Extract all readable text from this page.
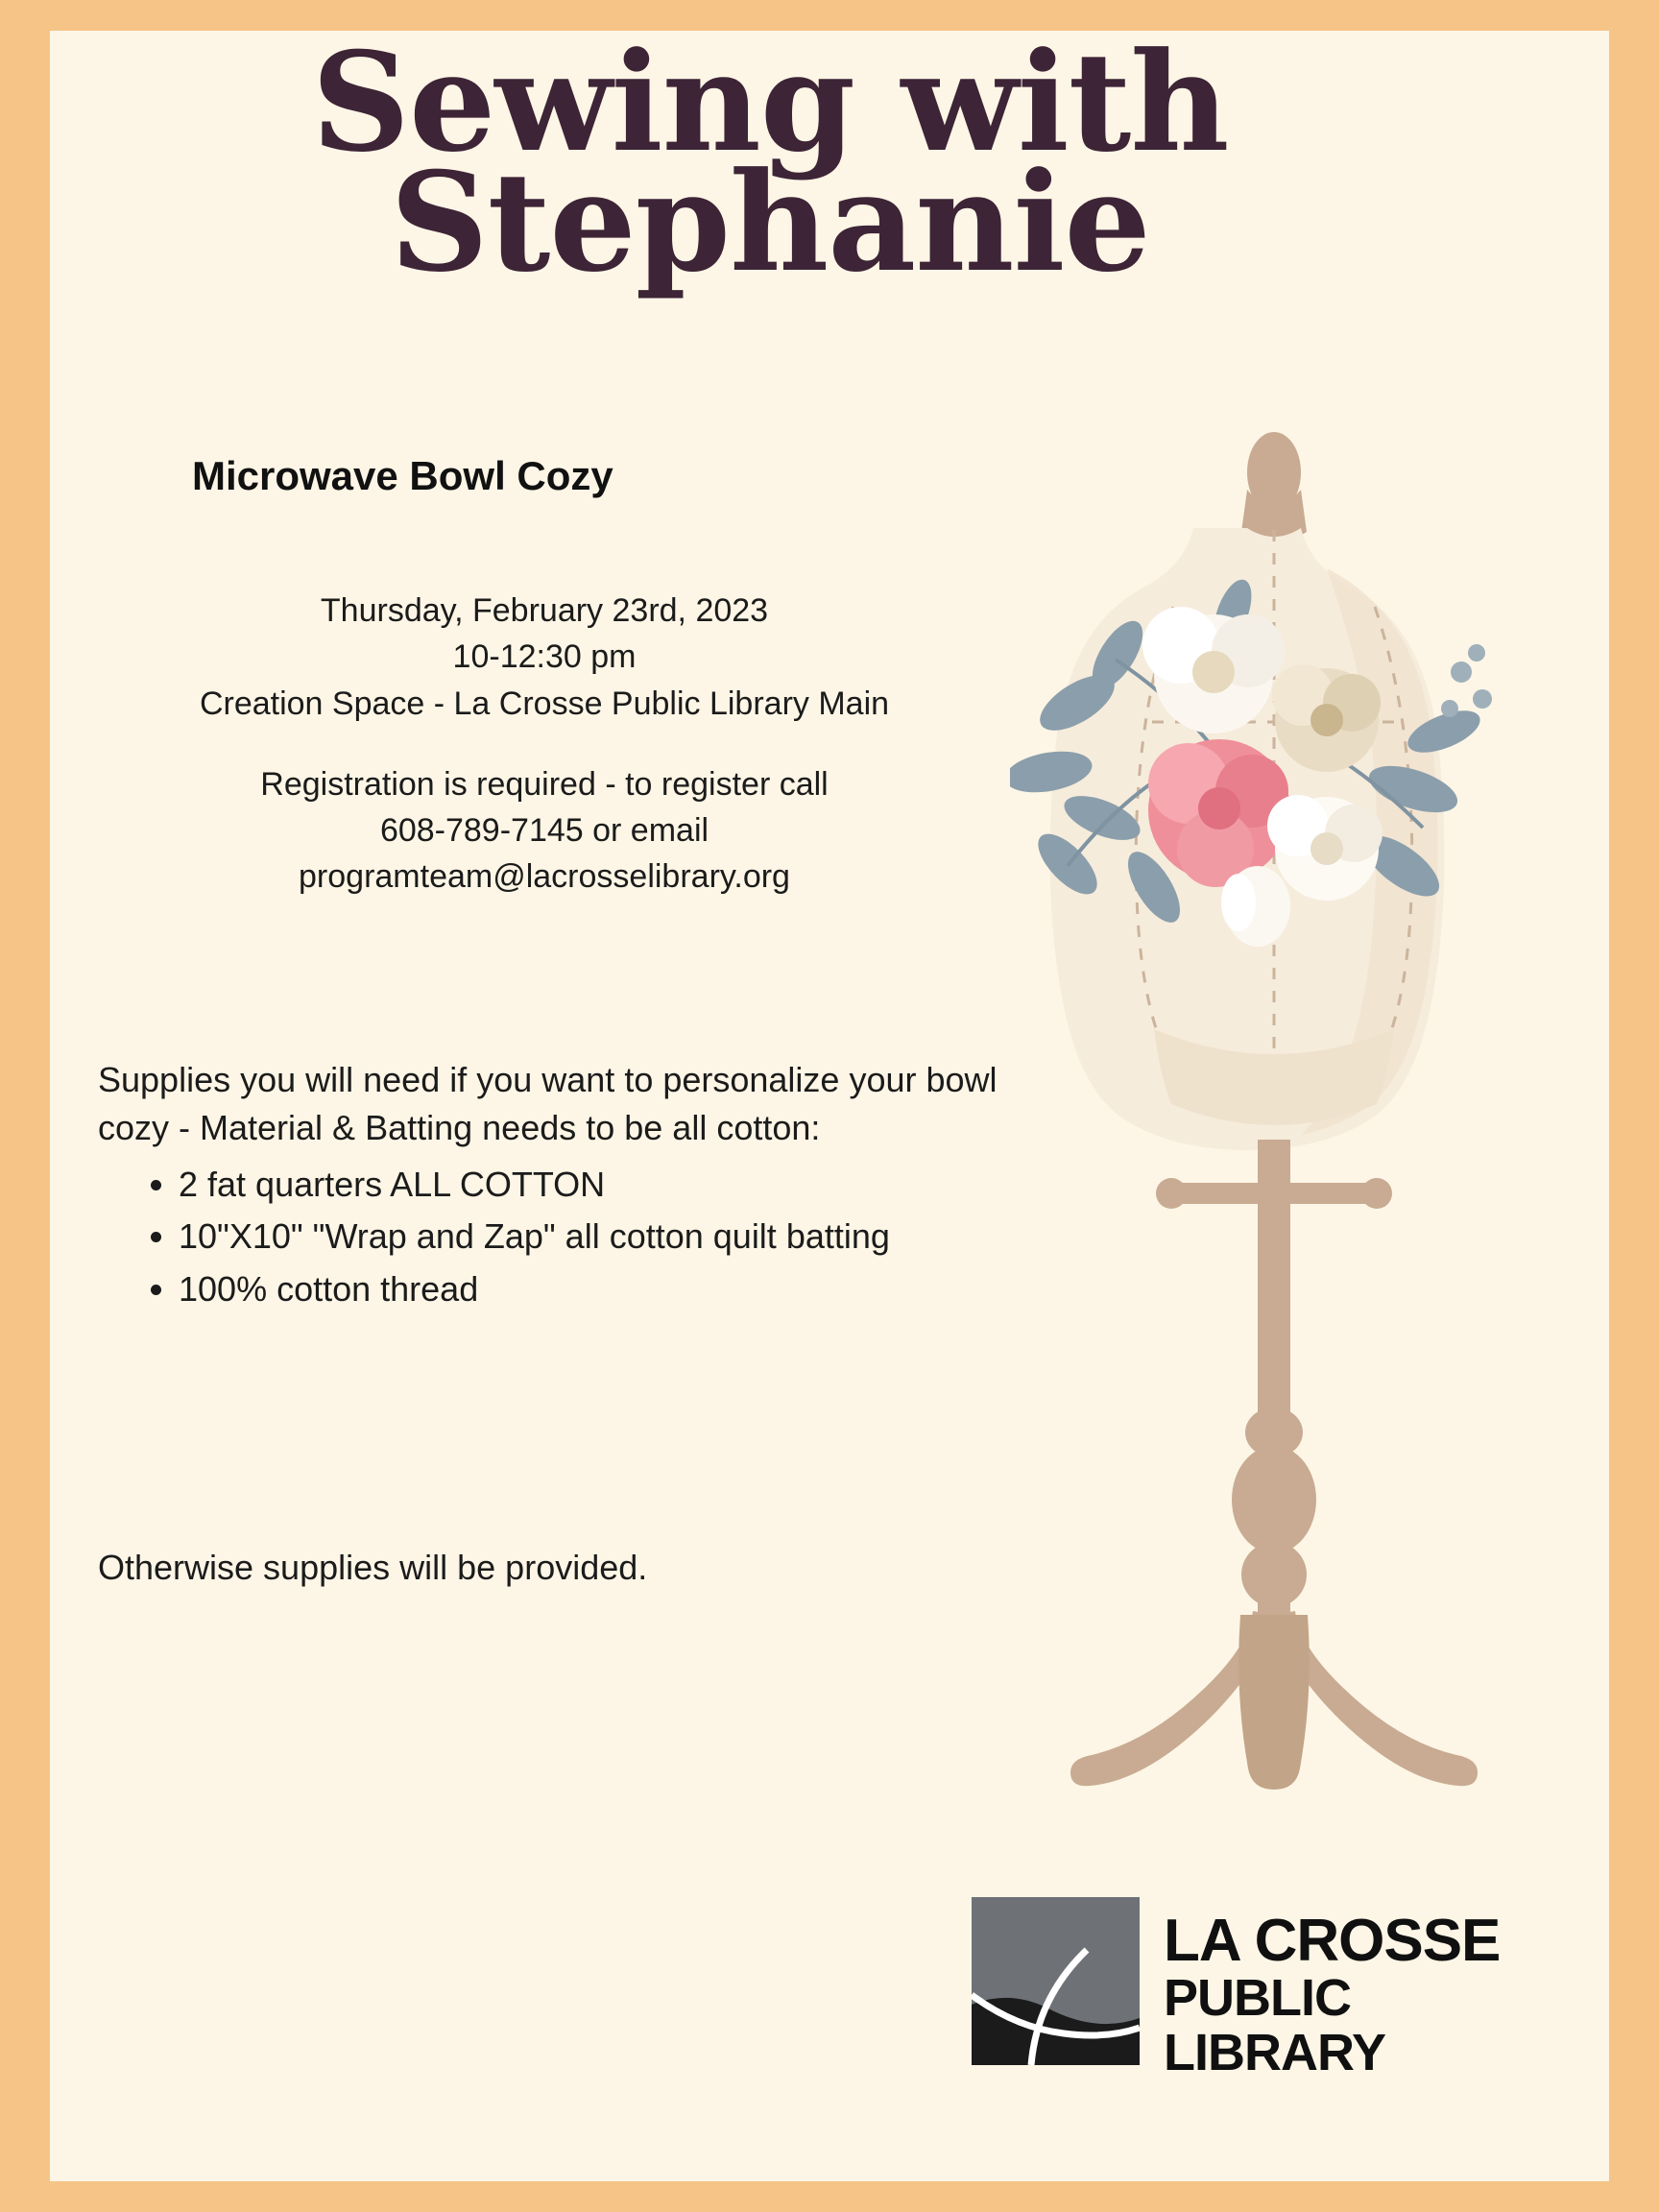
Sewing with
Stephanie
Microwave Bowl Cozy
Thursday, February 23rd, 2023
10-12:30 pm
Creation Space - La Crosse Public Library Main
Registration is required - to register call
608-789-7145 or email
programteam@lacrosselibrary.org
Supplies you will need if you want to personalize your bowl cozy - Material & Batting needs to be all cotton:
• 2 fat quarters ALL COTTON
• 10"X10" "Wrap and Zap" all cotton quilt batting
• 100% cotton thread
Otherwise supplies will be provided.
LA CROSSE
PUBLIC LIBRARY
